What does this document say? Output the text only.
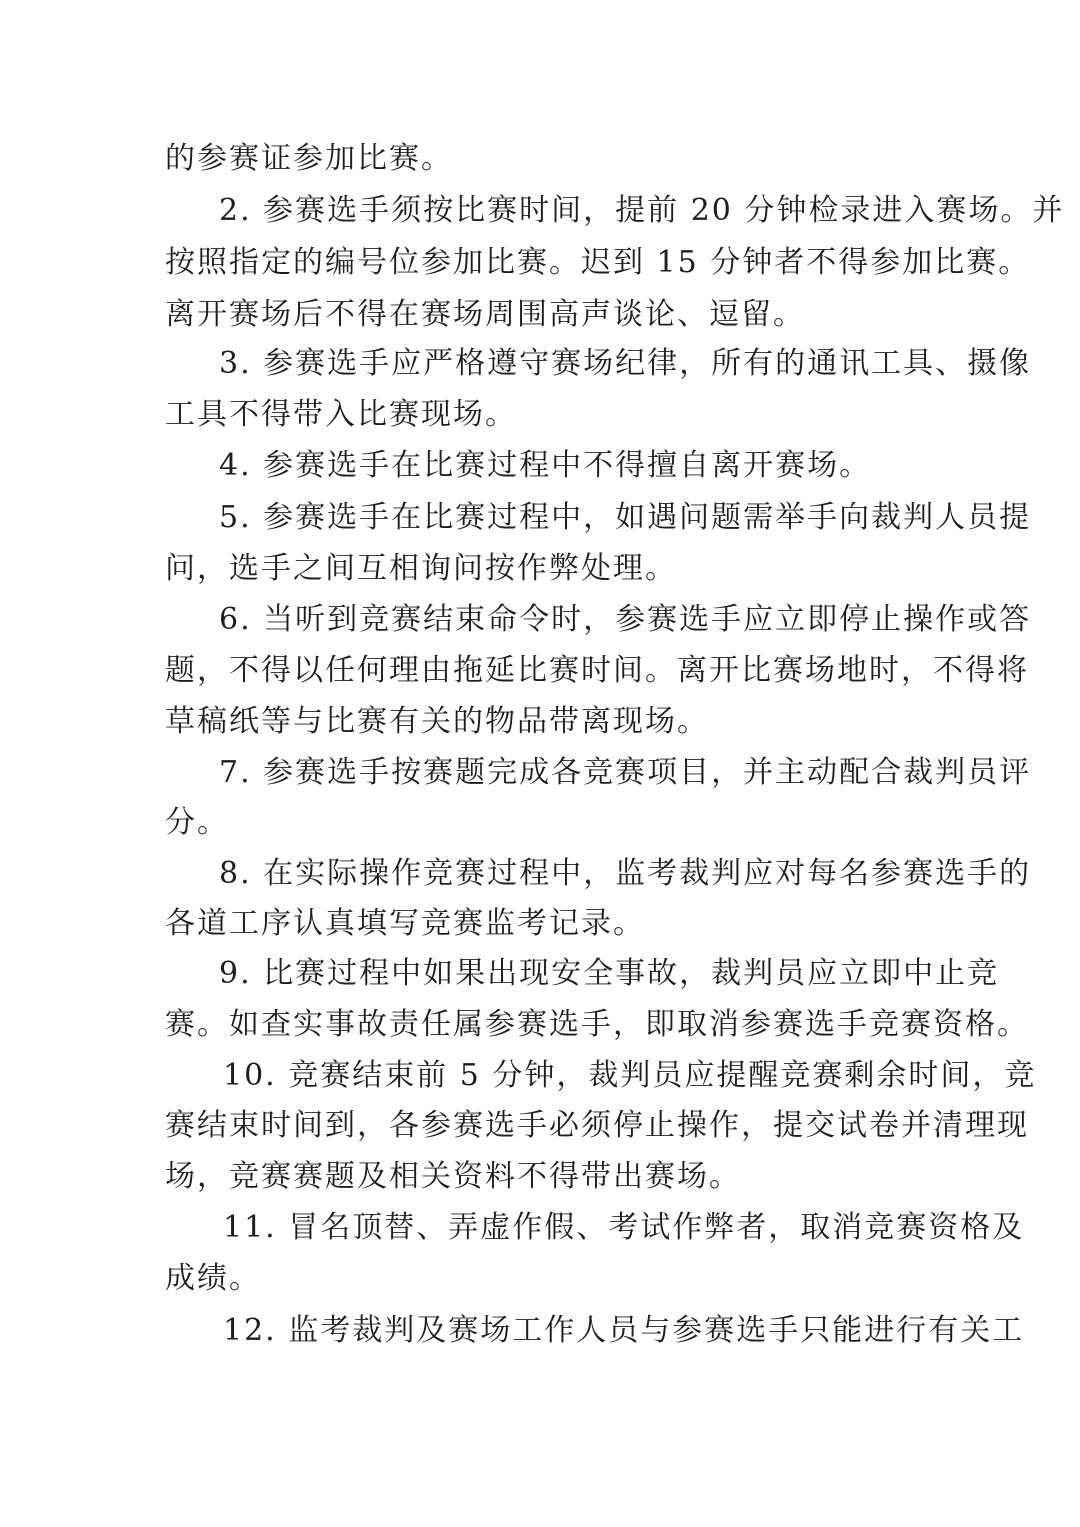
的参赛证参加比赛。
2. 参赛选手须按比赛时间，提前 20 分钟检录进入赛场。并
按照指定的编号位参加比赛。迟到 15 分钟者不得参加比赛。
离开赛场后不得在赛场周围高声谈论、逗留。
3. 参赛选手应严格遵守赛场纪律，所有的通讯工具、摄像
工具不得带入比赛现场。
4. 参赛选手在比赛过程中不得擅自离开赛场。
5. 参赛选手在比赛过程中，如遇问题需举手向裁判人员提
问，选手之间互相询问按作弊处理。
6. 当听到竞赛结束命令时，参赛选手应立即停止操作或答
题，不得以任何理由拖延比赛时间。离开比赛场地时，不得将
草稿纸等与比赛有关的物品带离现场。
7. 参赛选手按赛题完成各竞赛项目，并主动配合裁判员评
分。
8. 在实际操作竞赛过程中，监考裁判应对每名参赛选手的
各道工序认真填写竞赛监考记录。
9. 比赛过程中如果出现安全事故，裁判员应立即中止竞
赛。如查实事故责任属参赛选手，即取消参赛选手竞赛资格。
10. 竞赛结束前 5 分钟，裁判员应提醒竞赛剩余时间，竞
赛结束时间到，各参赛选手必须停止操作，提交试卷并清理现
场，竞赛赛题及相关资料不得带出赛场。
11. 冒名顶替、弄虚作假、考试作弊者，取消竞赛资格及
成绩。
12. 监考裁判及赛场工作人员与参赛选手只能进行有关工
